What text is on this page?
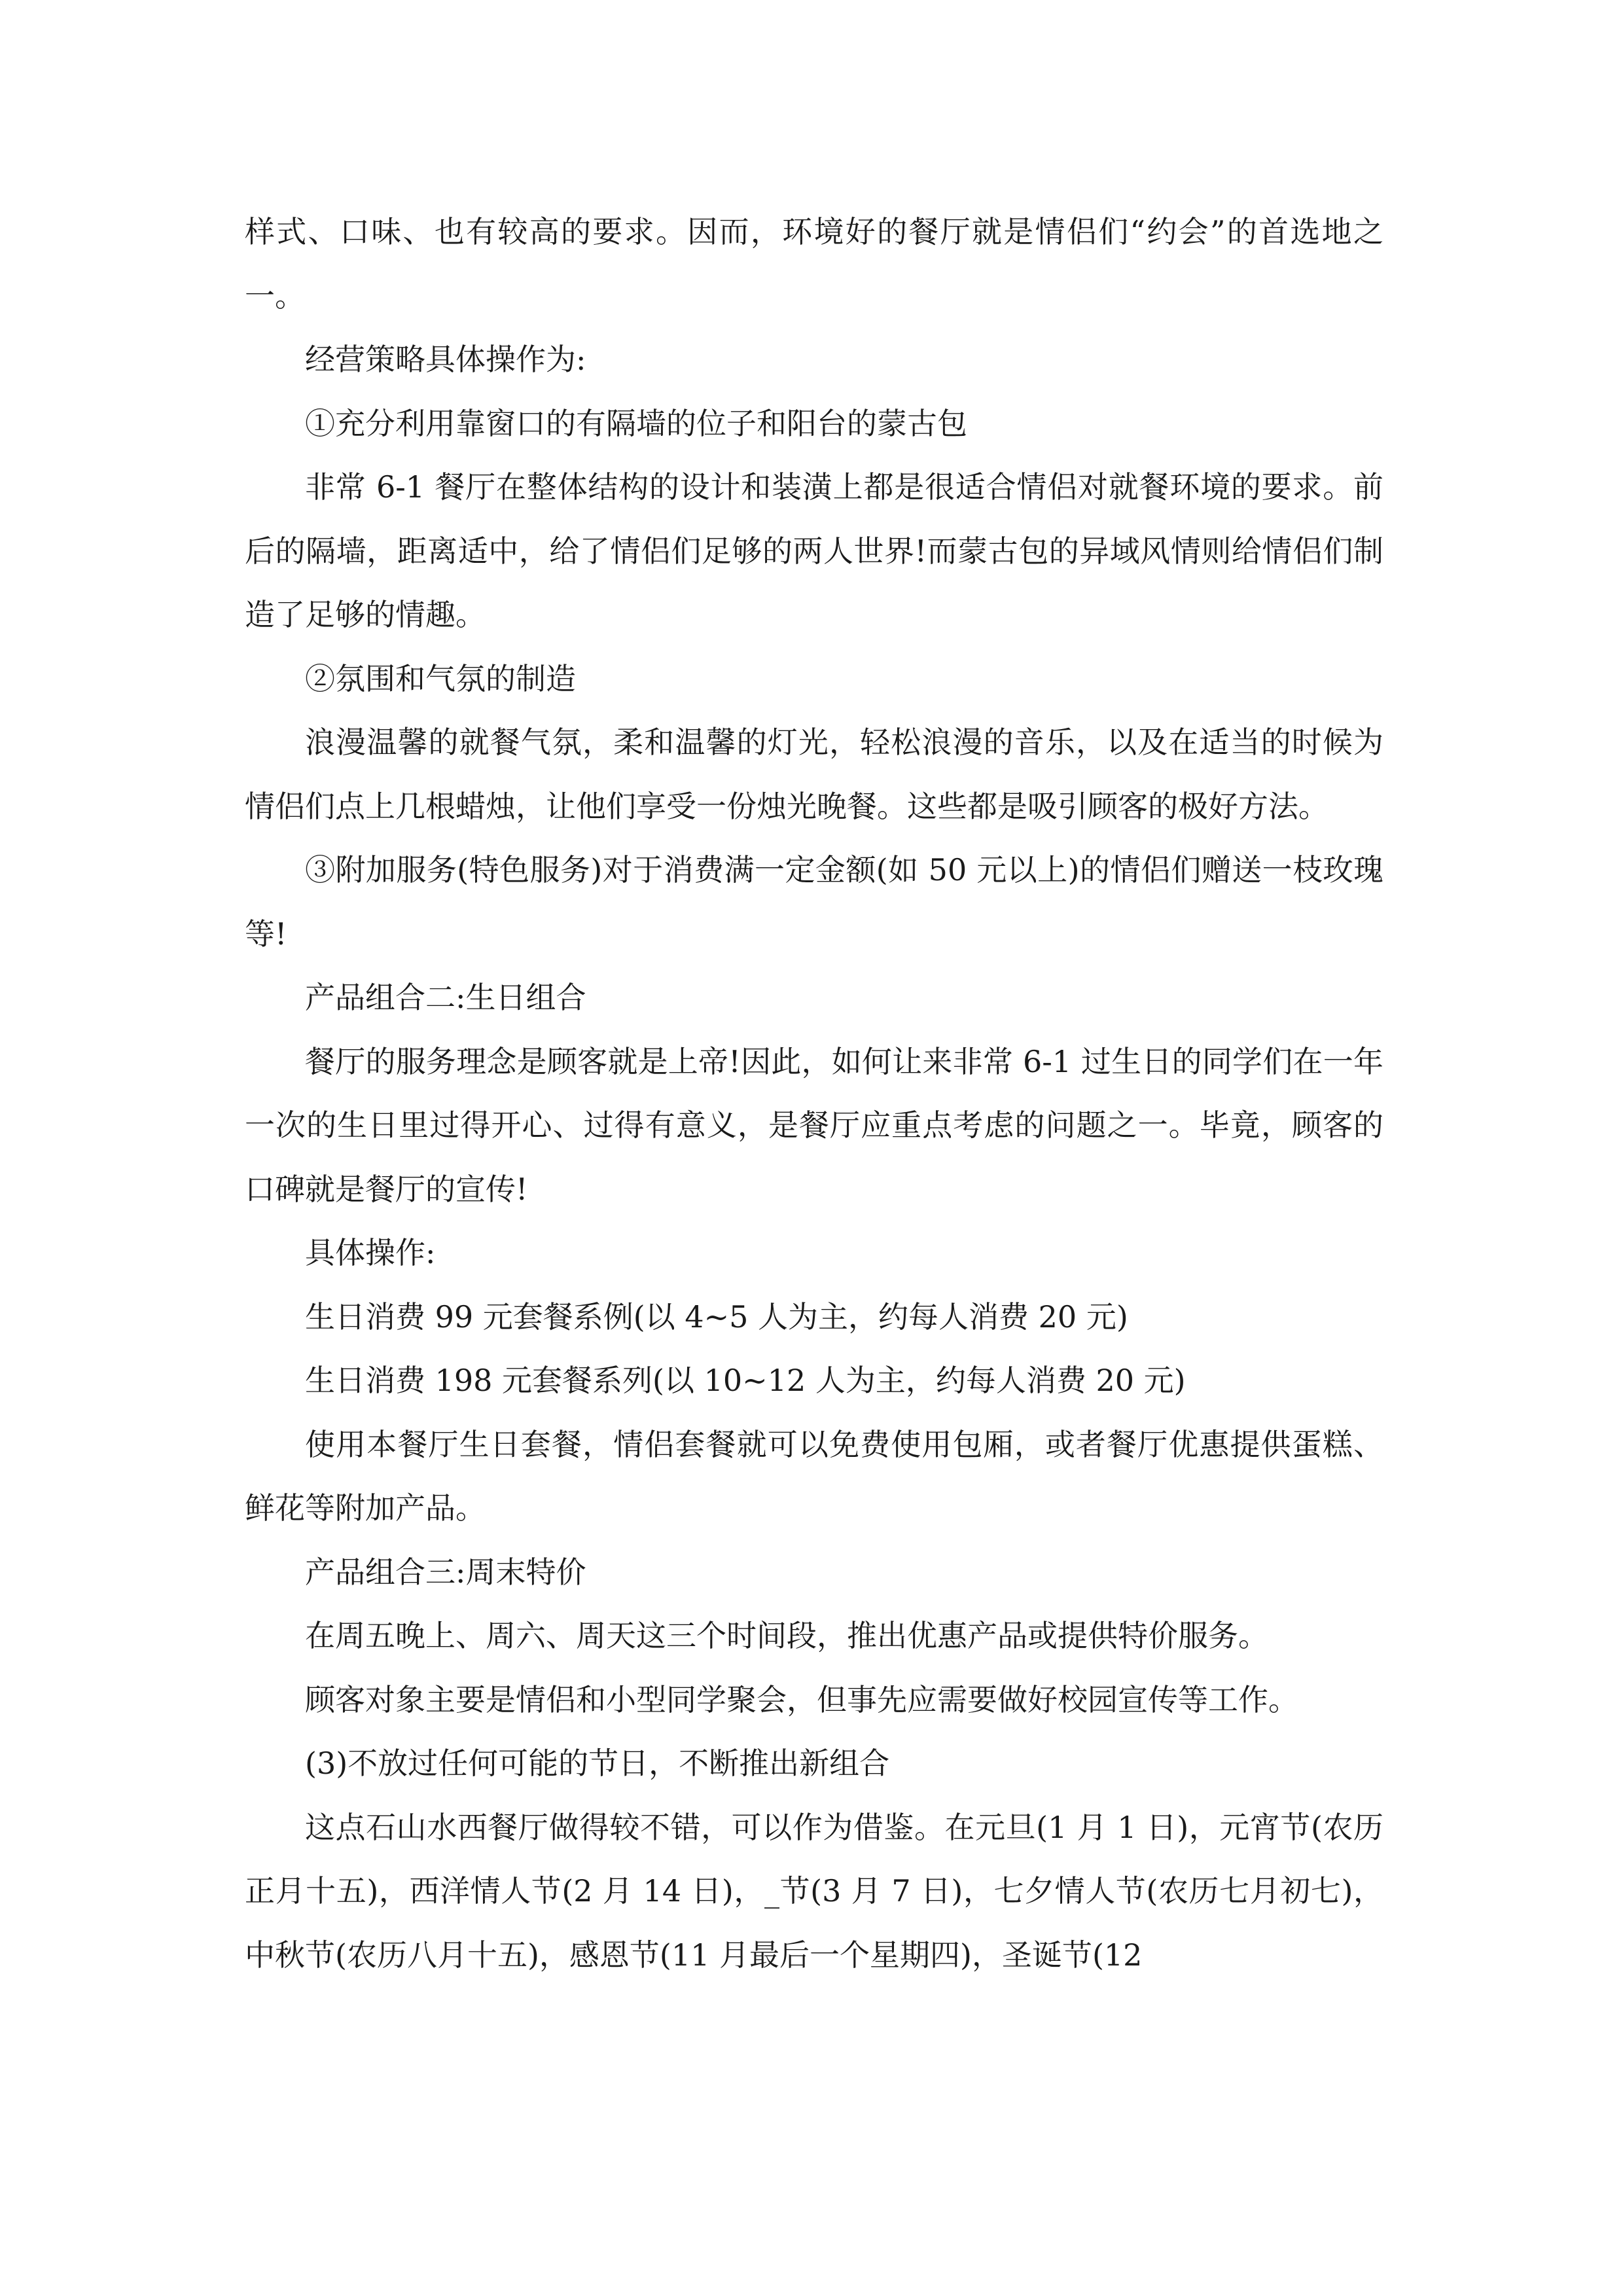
样式、口味、也有较高的要求。因而，环境好的餐厅就是情侣们“约会”的首选地之一。

经营策略具体操作为:

①充分利用靠窗口的有隔墙的位子和阳台的蒙古包

非常 6-1 餐厅在整体结构的设计和装潢上都是很适合情侣对就餐环境的要求。前后的隔墙，距离适中，给了情侣们足够的两人世界!而蒙古包的异域风情则给情侣们制造了足够的情趣。

②氛围和气氛的制造

浪漫温馨的就餐气氛，柔和温馨的灯光，轻松浪漫的音乐，以及在适当的时候为情侣们点上几根蜡烛，让他们享受一份烛光晚餐。这些都是吸引顾客的极好方法。

③附加服务(特色服务)对于消费满一定金额(如 50 元以上)的情侣们赠送一枝玫瑰等!

产品组合二:生日组合

餐厅的服务理念是顾客就是上帝!因此，如何让来非常 6-1 过生日的同学们在一年一次的生日里过得开心、过得有意义，是餐厅应重点考虑的问题之一。毕竟，顾客的口碑就是餐厅的宣传!

具体操作:

生日消费 99 元套餐系例(以 4~5 人为主，约每人消费 20 元)

生日消费 198 元套餐系列(以 10~12 人为主，约每人消费 20 元)

使用本餐厅生日套餐，情侣套餐就可以免费使用包厢，或者餐厅优惠提供蛋糕、鲜花等附加产品。

产品组合三:周末特价

在周五晚上、周六、周天这三个时间段，推出优惠产品或提供特价服务。

顾客对象主要是情侣和小型同学聚会，但事先应需要做好校园宣传等工作。

(3)不放过任何可能的节日，不断推出新组合

这点石山水西餐厅做得较不错，可以作为借鉴。在元旦(1 月 1 日)，元宵节(农历正月十五)，西洋情人节(2 月 14 日)，_节(3 月 7 日)，七夕情人节(农历七月初七)，中秋节(农历八月十五)，感恩节(11 月最后一个星期四)，圣诞节(12
